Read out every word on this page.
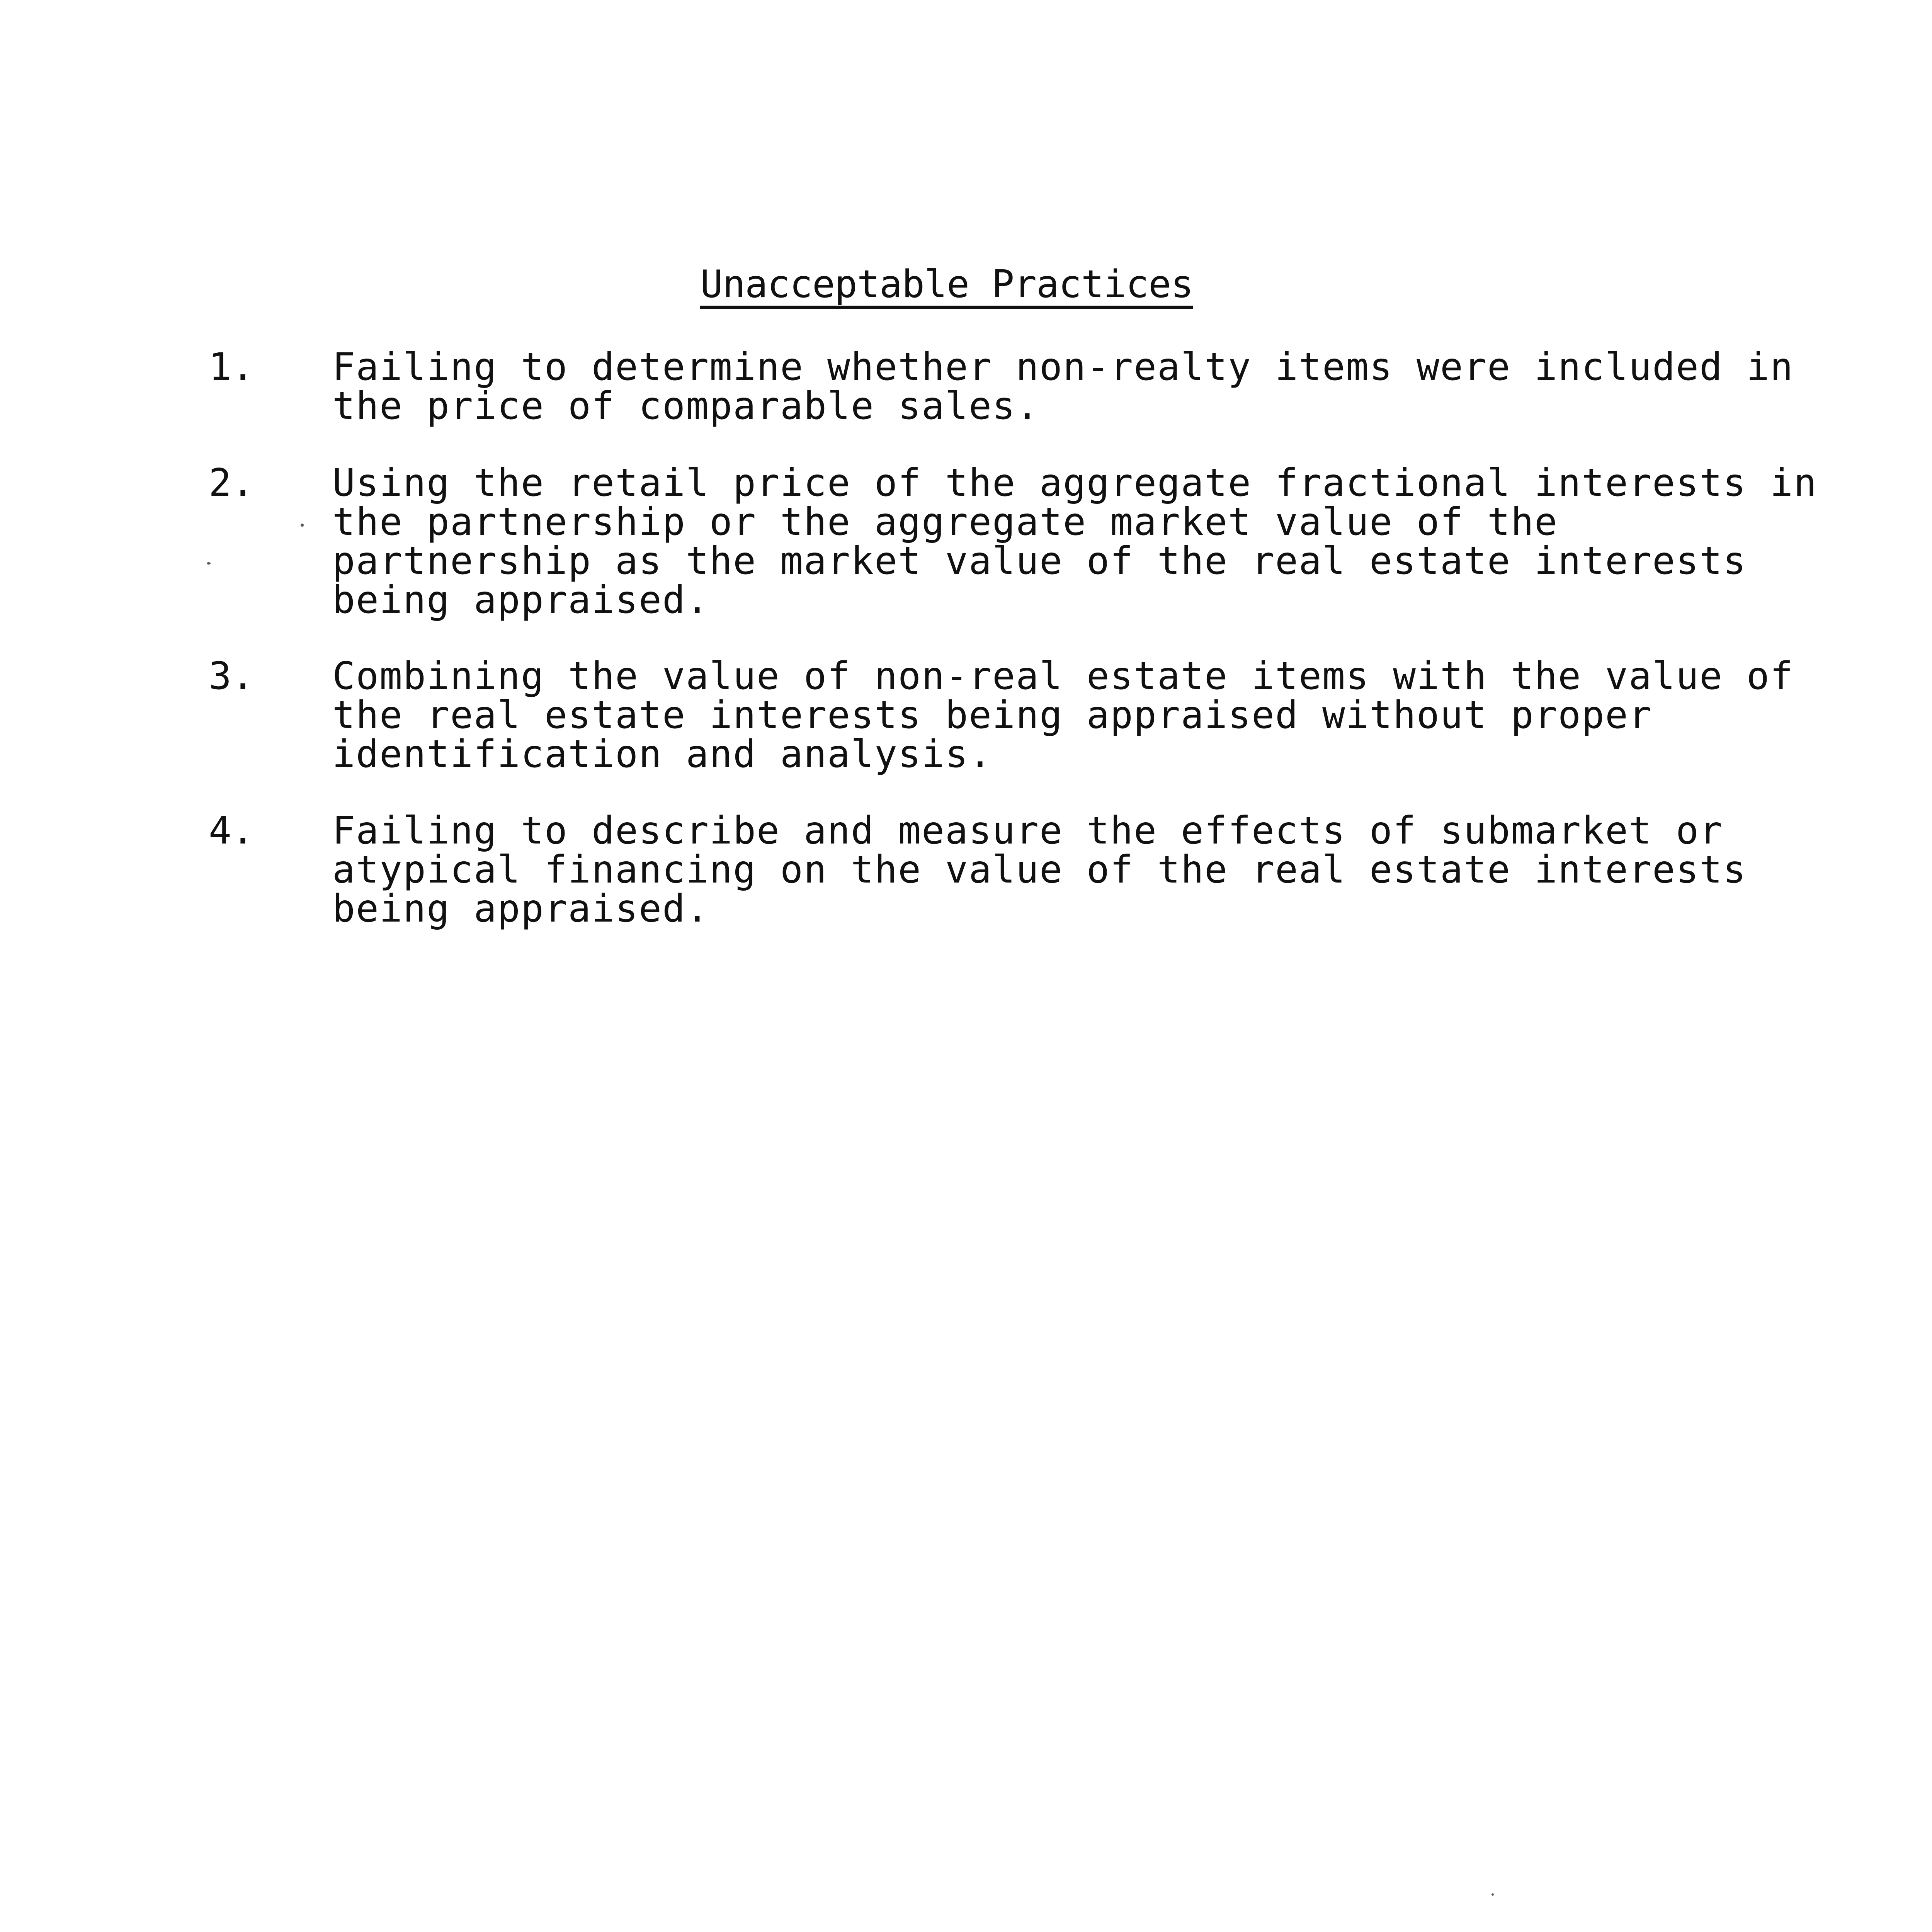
Unacceptable Practices
1. Failing to determine whether non-realty items were included in
the price of comparable sales.
2. Using the retail price of the aggregate fractional interests in
the partnership or the aggregate market value of the
partnership as the market value of the real estate interests
being appraised.
3. Combining the value of non-real estate items with the value of
the real estate interests being appraised without proper
identification and analysis.
4. Failing to describe and measure the effects of submarket or
atypical financing on the value of the real estate interests
being appraised.
